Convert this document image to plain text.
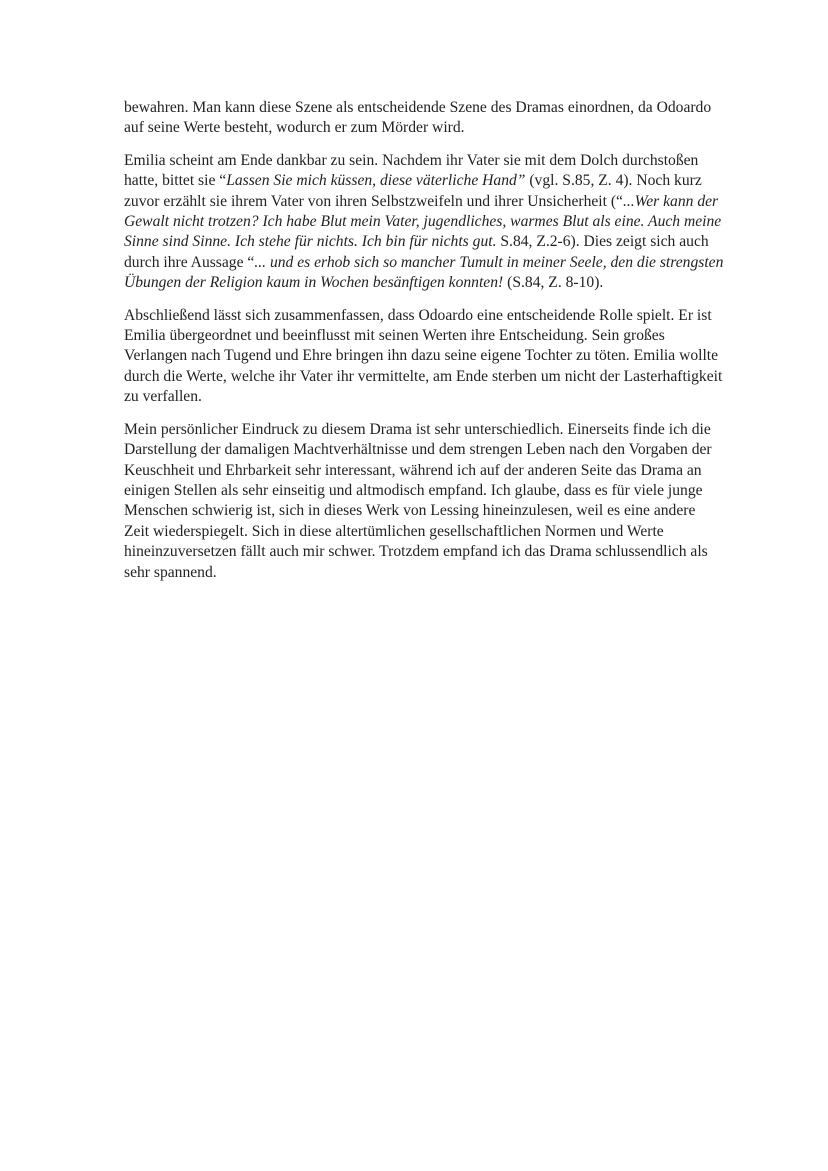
bewahren. Man kann diese Szene als entscheidende Szene des Dramas einordnen, da Odoardo auf seine Werte besteht, wodurch er zum Mörder wird.

Emilia scheint am Ende dankbar zu sein. Nachdem ihr Vater sie mit dem Dolch durchstoßen hatte, bittet sie “Lassen Sie mich küssen, diese väterliche Hand” (vgl. S.85, Z. 4). Noch kurz zuvor erzählt sie ihrem Vater von ihren Selbstzweifeln und ihrer Unsicherheit (“...Wer kann der Gewalt nicht trotzen? Ich habe Blut mein Vater, jugendliches, warmes Blut als eine. Auch meine Sinne sind Sinne. Ich stehe für nichts. Ich bin für nichts gut. S.84, Z.2-6). Dies zeigt sich auch durch ihre Aussage “... und es erhob sich so mancher Tumult in meiner Seele, den die strengsten Übungen der Religion kaum in Wochen besänftigen konnten! (S.84, Z. 8-10).

Abschließend lässt sich zusammenfassen, dass Odoardo eine entscheidende Rolle spielt. Er ist Emilia übergeordnet und beeinflusst mit seinen Werten ihre Entscheidung. Sein großes Verlangen nach Tugend und Ehre bringen ihn dazu seine eigene Tochter zu töten. Emilia wollte durch die Werte, welche ihr Vater ihr vermittelte, am Ende sterben um nicht der Lasterhaftigkeit zu verfallen.

Mein persönlicher Eindruck zu diesem Drama ist sehr unterschiedlich. Einerseits finde ich die Darstellung der damaligen Machtverhältnisse und dem strengen Leben nach den Vorgaben der Keuschheit und Ehrbarkeit sehr interessant, während ich auf der anderen Seite das Drama an einigen Stellen als sehr einseitig und altmodisch empfand. Ich glaube, dass es für viele junge Menschen schwierig ist, sich in dieses Werk von Lessing hineinzulesen, weil es eine andere Zeit wiederspiegelt. Sich in diese altertümlichen gesellschaftlichen Normen und Werte hineinzuversetzen fällt auch mir schwer. Trotzdem empfand ich das Drama schlussendlich als sehr spannend.
